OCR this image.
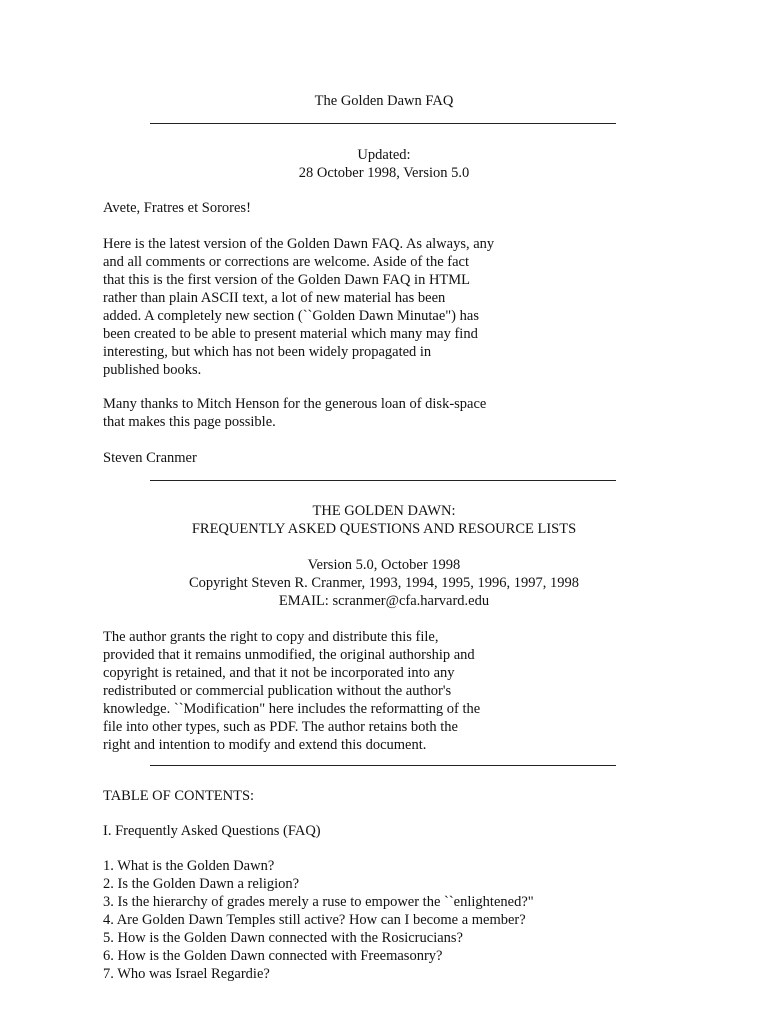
The Golden Dawn FAQ
Updated:
28 October 1998, Version 5.0
Avete, Fratres et Sorores!
Here is the latest version of the Golden Dawn FAQ. As always, any
and all comments or corrections are welcome. Aside of the fact
that this is the first version of the Golden Dawn FAQ in HTML
rather than plain ASCII text, a lot of new material has been
added. A completely new section (``Golden Dawn Minutae") has
been created to be able to present material which many may find
interesting, but which has not been widely propagated in
published books.
Many thanks to Mitch Henson for the generous loan of disk-space
that makes this page possible.
Steven Cranmer
THE GOLDEN DAWN:
FREQUENTLY ASKED QUESTIONS AND RESOURCE LISTS
Version 5.0, October 1998
Copyright Steven R. Cranmer, 1993, 1994, 1995, 1996, 1997, 1998
EMAIL: scranmer@cfa.harvard.edu
The author grants the right to copy and distribute this file,
provided that it remains unmodified, the original authorship and
copyright is retained, and that it not be incorporated into any
redistributed or commercial publication without the author's
knowledge. ``Modification" here includes the reformatting of the
file into other types, such as PDF. The author retains both the
right and intention to modify and extend this document.
TABLE OF CONTENTS:
I. Frequently Asked Questions (FAQ)
1. What is the Golden Dawn?
2. Is the Golden Dawn a religion?
3. Is the hierarchy of grades merely a ruse to empower the ``enlightened?"
4. Are Golden Dawn Temples still active? How can I become a member?
5. How is the Golden Dawn connected with the Rosicrucians?
6. How is the Golden Dawn connected with Freemasonry?
7. Who was Israel Regardie?
